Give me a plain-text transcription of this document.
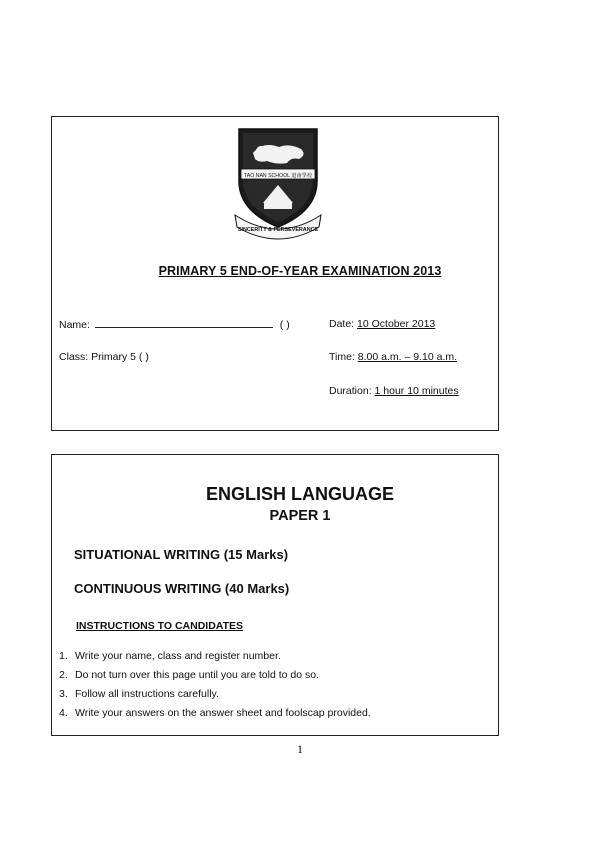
TAO NAN SCHOOL 道南學校
SINCERITY & PERSEVERANCE
PRIMARY 5 END-OF-YEAR EXAMINATION 2013
Name:	( )	Date: 10 October 2013
Class: Primary 5 ( )	Time: 8.00 a.m. – 9.10 a.m.
Duration: 1 hour 10 minutes
ENGLISH LANGUAGE
PAPER 1
SITUATIONAL WRITING (15 Marks)
CONTINUOUS WRITING (40 Marks)
INSTRUCTIONS TO CANDIDATES
1. Write your name, class and register number.
2. Do not turn over this page until you are told to do so.
3. Follow all instructions carefully.
4. Write your answers on the answer sheet and foolscap provided.
1
